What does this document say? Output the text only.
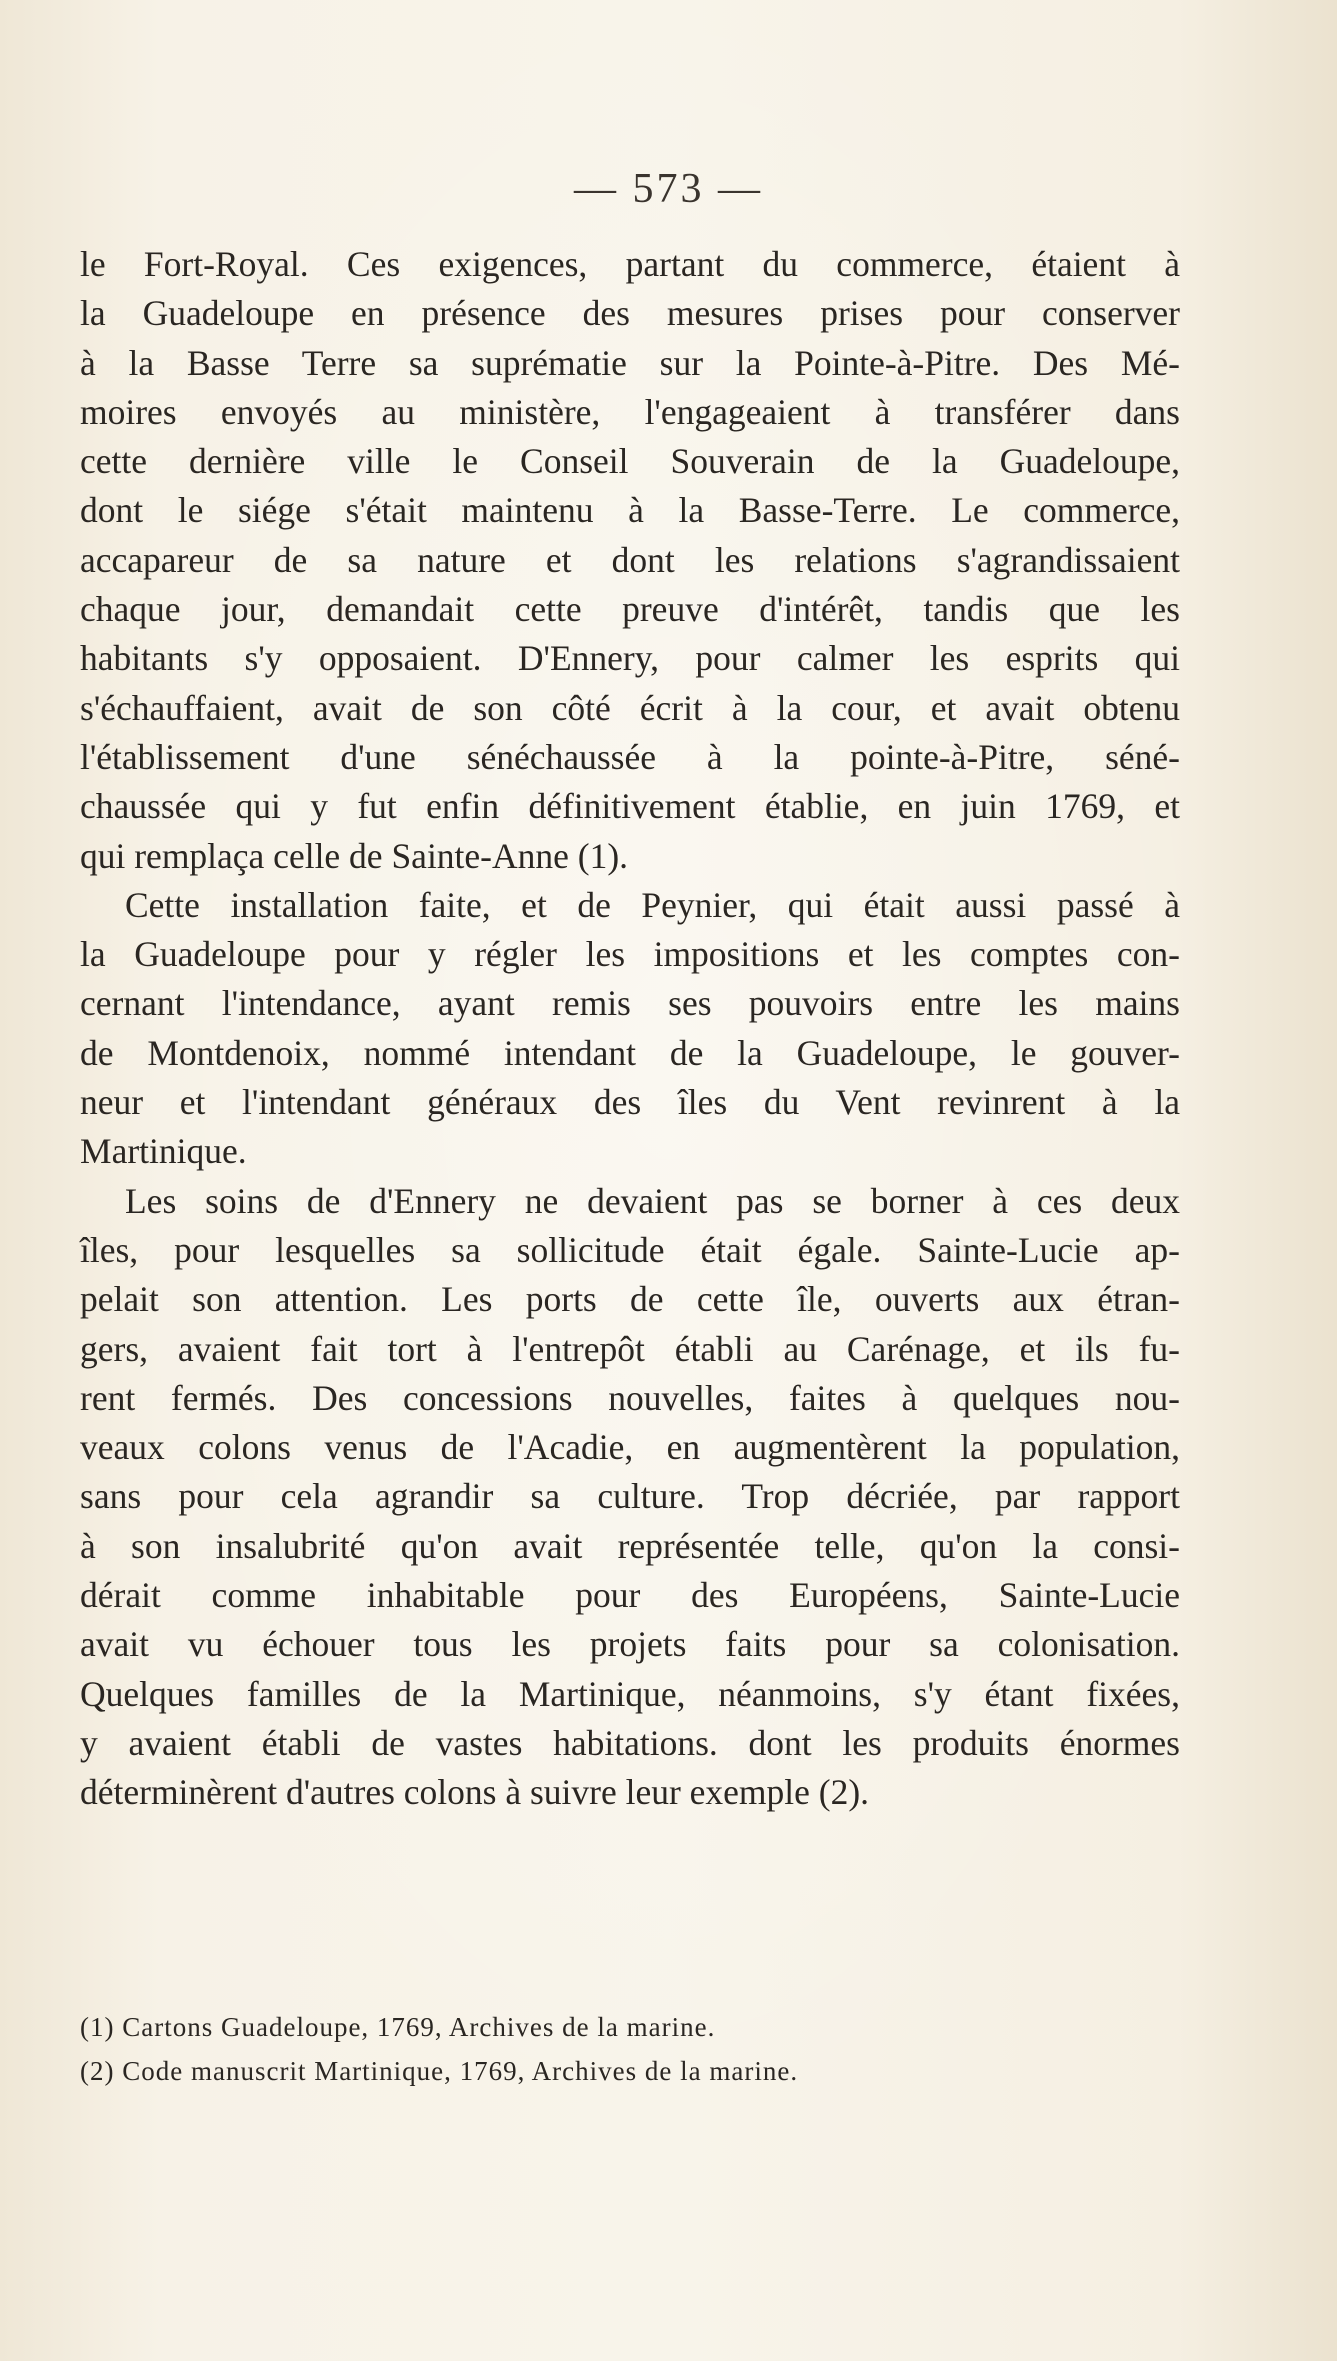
— 573 —
le Fort-Royal. Ces exigences, partant du commerce, étaient à
la Guadeloupe en présence des mesures prises pour conserver
à la Basse Terre sa suprématie sur la Pointe-à-Pitre. Des Mé-
moires envoyés au ministère, l'engageaient à transférer dans
cette dernière ville le Conseil Souverain de la Guadeloupe,
dont le siége s'était maintenu à la Basse-Terre. Le commerce,
accapareur de sa nature et dont les relations s'agrandissaient
chaque jour, demandait cette preuve d'intérêt, tandis que les
habitants s'y opposaient. D'Ennery, pour calmer les esprits qui
s'échauffaient, avait de son côté écrit à la cour, et avait obtenu
l'établissement d'une sénéchaussée à la pointe-à-Pitre, séné-
chaussée qui y fut enfin définitivement établie, en juin 1769, et
qui remplaça celle de Sainte-Anne (1).
Cette installation faite, et de Peynier, qui était aussi passé à
la Guadeloupe pour y régler les impositions et les comptes con-
cernant l'intendance, ayant remis ses pouvoirs entre les mains
de Montdenoix, nommé intendant de la Guadeloupe, le gouver-
neur et l'intendant généraux des îles du Vent revinrent à la
Martinique.
Les soins de d'Ennery ne devaient pas se borner à ces deux
îles, pour lesquelles sa sollicitude était égale. Sainte-Lucie ap-
pelait son attention. Les ports de cette île, ouverts aux étran-
gers, avaient fait tort à l'entrepôt établi au Carénage, et ils fu-
rent fermés. Des concessions nouvelles, faites à quelques nou-
veaux colons venus de l'Acadie, en augmentèrent la population,
sans pour cela agrandir sa culture. Trop décriée, par rapport
à son insalubrité qu'on avait représentée telle, qu'on la consi-
dérait comme inhabitable pour des Européens, Sainte-Lucie
avait vu échouer tous les projets faits pour sa colonisation.
Quelques familles de la Martinique, néanmoins, s'y étant fixées,
y avaient établi de vastes habitations. dont les produits énormes
déterminèrent d'autres colons à suivre leur exemple (2).
(1) Cartons Guadeloupe, 1769, Archives de la marine.
(2) Code manuscrit Martinique, 1769, Archives de la marine.
